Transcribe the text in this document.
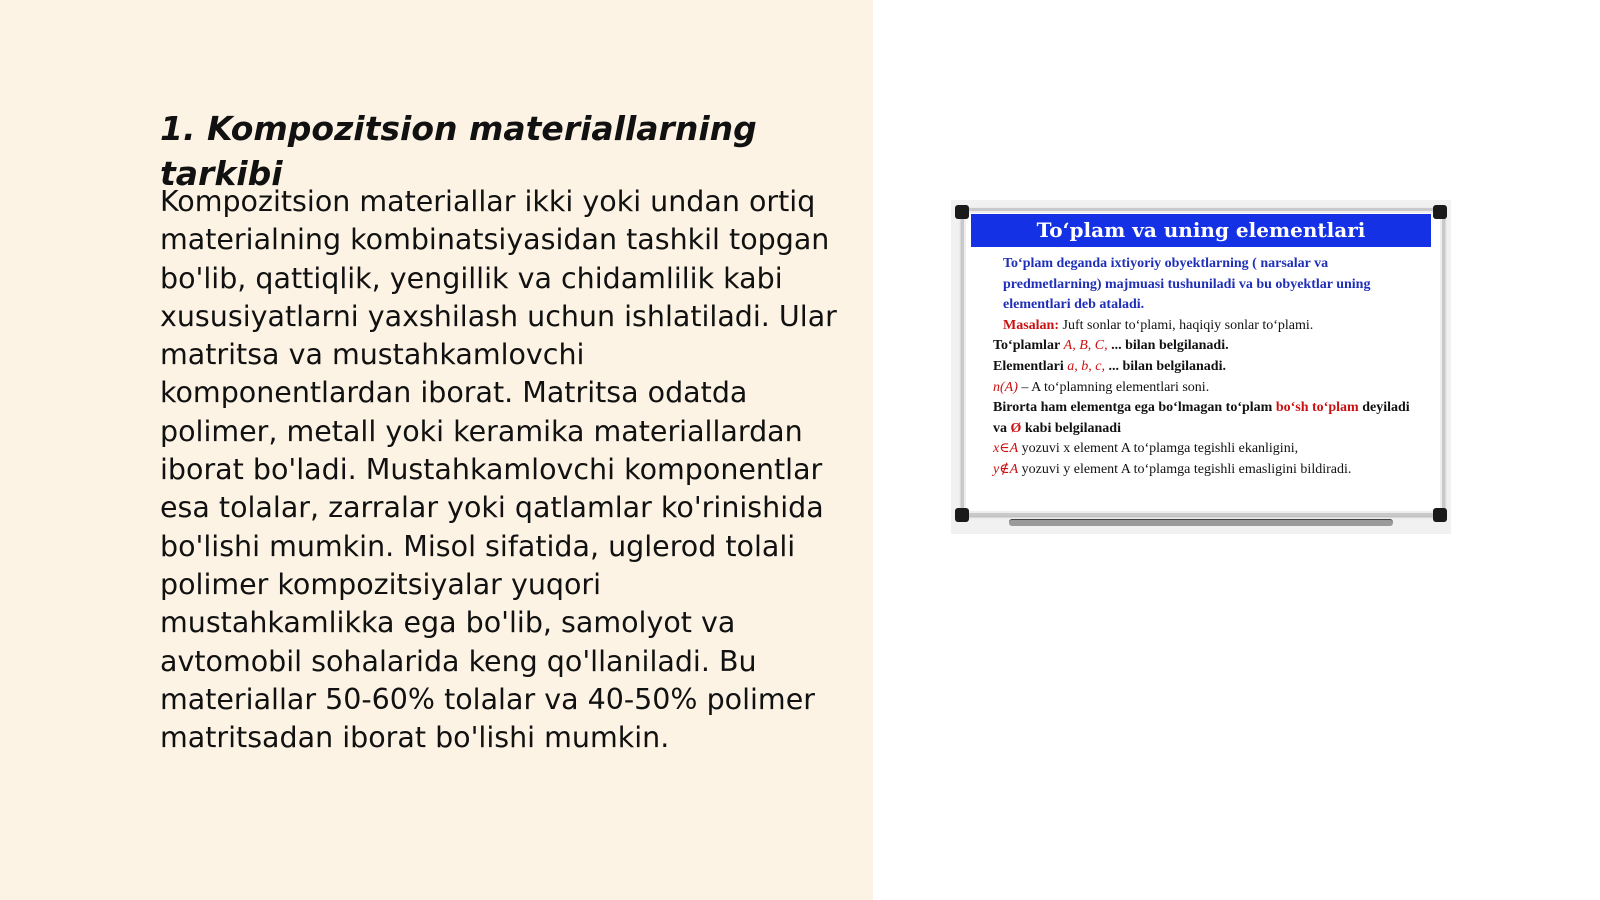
1. Kompozitsion materiallarning tarkibi

Kompozitsion materiallar ikki yoki undan ortiq materialning kombinatsiyasidan tashkil topgan bo'lib, qattiqlik, yengillik va chidamlilik kabi xususiyatlarni yaxshilash uchun ishlatiladi. Ular matritsa va mustahkamlovchi komponentlardan iborat. Matritsa odatda polimer, metall yoki keramika materiallardan iborat bo'ladi. Mustahkamlovchi komponentlar esa tolalar, zarralar yoki qatlamlar ko'rinishida bo'lishi mumkin. Misol sifatida, uglerod tolali polimer kompozitsiyalar yuqori mustahkamlikka ega bo'lib, samolyot va avtomobil sohalarida keng qo'llaniladi. Bu materiallar 50-60% tolalar va 40-50% polimer matritsadan iborat bo'lishi mumkin.

To‘plam va uning elementlari
To‘plam deganda ixtiyoriy obyektlarning ( narsalar va predmetlarning) majmuasi tushuniladi va bu obyektlar uning elementlari deb ataladi.
Masalan: Juft sonlar to‘plami, haqiqiy sonlar to‘plami.
To‘plamlar A, B, C, ... bilan belgilanadi.
Elementlari a, b, c, ... bilan belgilanadi.
n(A) – A to‘plamning elementlari soni.
Birorta ham elementga ega bo‘lmagan to‘plam bo‘sh to‘plam deyiladi va Ø kabi belgilanadi
x∈A yozuvi x element A to‘plamga tegishli ekanligini,
y∉A yozuvi y element A to‘plamga tegishli emasligini bildiradi.
